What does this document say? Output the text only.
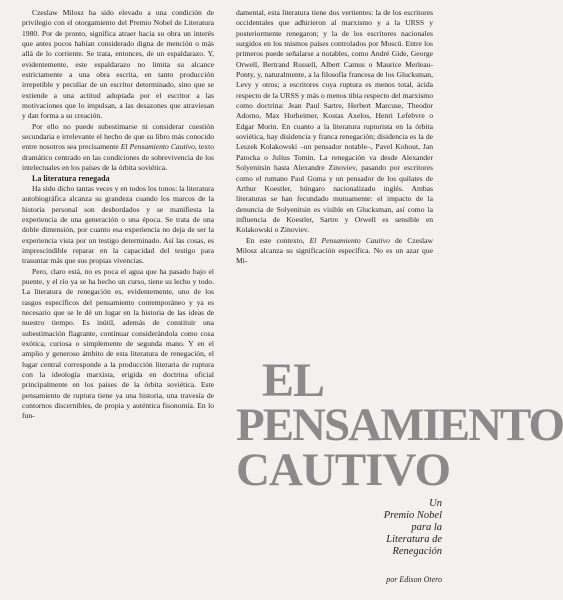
Czeslaw Milosz ha sido elevado a una condición de privilegio con el otorgamiento del Premio Nobel de Literatura 1980. Por de pronto, significa atraer hacia su obra un interés que antes pocos habían considerado digna de mención o más allá de lo corriente. Se trata, entonces, de un espaldarazo. Y, evidentemente, este espaldarazo no limita su alcance estrictamente a una obra escrita, en tanto producción irrepetible y peculiar de un escritor determinado, sino que se extiende a una actitud adoptada por el escritor a las motivaciones que lo impulsan, a las desazones que atraviesan y dan forma a su creación.

Por ello no puede subestimarse ni considerar cuestión secundaria e irrelevante el hecho de que su libro más conocido entre nosotros sea precisamente El Pensamiento Cautivo, texto dramático centrado en las condiciones de sobrevivencia de los intelectuales en los países de la órbita soviética.

La literatura renegada

Ha sido dicho tantas veces y en todos los tonos: la literatura autobiográfica alcanza su grandeza cuando los marcos de la historia personal son desbordados y se manifiesta la experiencia de una generación o una época. Se trata de una doble dimensión, por cuanto esa experiencia no deja de ser la experiencia vista por un testigo determinado. Así las cosas, es imprescindible reparar en la capacidad del testigo para trasuntar más que sus propias vivencias.

Pero, claro está, no es poca el agua que ha pasado bajo el puente, y el río ya se ha hecho un curso, tiene su lecho y todo. La literatura de renegación es, evidentemente, uno de los rasgos específicos del pensamiento contemporáneo y ya es necesario que se le dé un lugar en la historia de las ideas de nuestro tiempo. Es inútil, además de constituir una subestimación flagrante, continuar considerándola como cosa exótica, curiosa o simplemente de segunda mano. Y en el amplio y generoso ámbito de esta literatura de renegación, el lugar central corresponde a la producción literaria de ruptura con la ideología marxista, erigida en doctrina oficial principalmente en los países de la órbita soviética. Este pensamiento de ruptura tiene ya una historia, una travesía de contornos discernibles, de propia y auténtica fisonomía. En lo fun-

damental, esta literatura tiene dos vertientes: la de los escritores occidentales que adhirieron al marxismo y a la URSS y posteriormente renegaron; y la de los escritores nacionales surgidos en los mismos países controlados por Moscú. Entre los primeros puede señalarse a notables, como André Gide, George Orwell, Bertrand Russell, Albert Camus o Maurice Merleau-Ponty, y, naturalmente, a la filosofía francesa de los Glucksman, Levy y otros; a escritores cuya ruptura es menos total, ácida respecto de la URSS y más o menos tibia respecto del marxismo como doctrina: Jean Paul Sartre, Herbert Marcuse, Theodor Adorno, Max Horheimer, Kostas Axelos, Henri Lefebvre o Edgar Morin. En cuanto a la literatura rupturista en la órbita soviética, hay disidencia y franca renegación; disidencia es la de Leszek Kolakowski –un pensador notable–, Pavel Kohout, Jan Patocka o Julius Tomin. La renegación va desde Alexander Solyenitsin hasta Alexandre Zinoviev, pasando por escritores como el rumano Paul Goma y un pensador de los quilates de Arthur Koestler, húngaro nacionalizado inglés. Ambas literaturas se han fecundado mutuamente: el impacto de la denuncia de Solyenitsin es visible en Glucksman, así como la influencia de Koestler, Sartre y Orwell es sensible en Kolakowski o Zinoviev.

En este contexto, El Pensamiento Cautivo de Czeslaw Milosz alcanza su significación específica. No es un azar que Mi-

EL
PENSAMIENTO
CAUTIVO
Un
Premio Nobel
para la
Literatura de
Renegación
por Edison Otero
